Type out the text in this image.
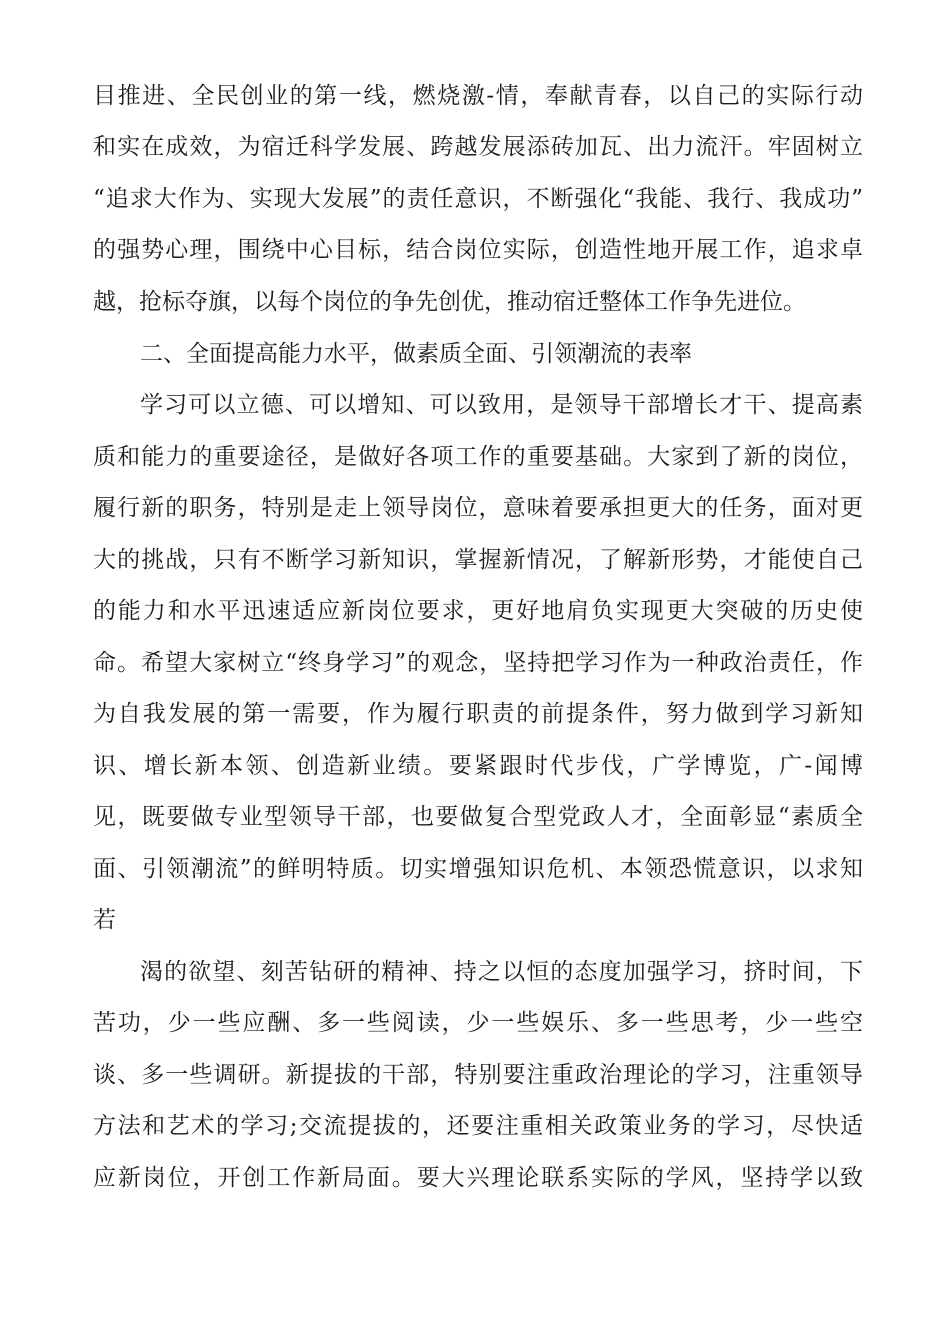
目推进、全民创业的第一线，燃烧激-情，奉献青春，以自己的实际行动
和实在成效，为宿迁科学发展、跨越发展添砖加瓦、出力流汗。牢固树立
“追求大作为、实现大发展”的责任意识，不断强化“我能、我行、我成功”
的强势心理，围绕中心目标，结合岗位实际，创造性地开展工作，追求卓
越，抢标夺旗，以每个岗位的争先创优，推动宿迁整体工作争先进位。
二、全面提高能力水平，做素质全面、引领潮流的表率
学习可以立德、可以增知、可以致用，是领导干部增长才干、提高素
质和能力的重要途径，是做好各项工作的重要基础。大家到了新的岗位，
履行新的职务，特别是走上领导岗位，意味着要承担更大的任务，面对更
大的挑战，只有不断学习新知识，掌握新情况，了解新形势，才能使自己
的能力和水平迅速适应新岗位要求，更好地肩负实现更大突破的历史使
命。希望大家树立“终身学习”的观念，坚持把学习作为一种政治责任，作
为自我发展的第一需要，作为履行职责的前提条件，努力做到学习新知
识、增长新本领、创造新业绩。要紧跟时代步伐，广学博览，广-闻博
见，既要做专业型领导干部，也要做复合型党政人才，全面彰显“素质全
面、引领潮流”的鲜明特质。切实增强知识危机、本领恐慌意识，以求知
若
渴的欲望、刻苦钻研的精神、持之以恒的态度加强学习，挤时间，下
苦功，少一些应酬、多一些阅读，少一些娱乐、多一些思考，少一些空
谈、多一些调研。新提拔的干部，特别要注重政治理论的学习，注重领导
方法和艺术的学习;交流提拔的，还要注重相关政策业务的学习，尽快适
应新岗位，开创工作新局面。要大兴理论联系实际的学风，坚持学以致
